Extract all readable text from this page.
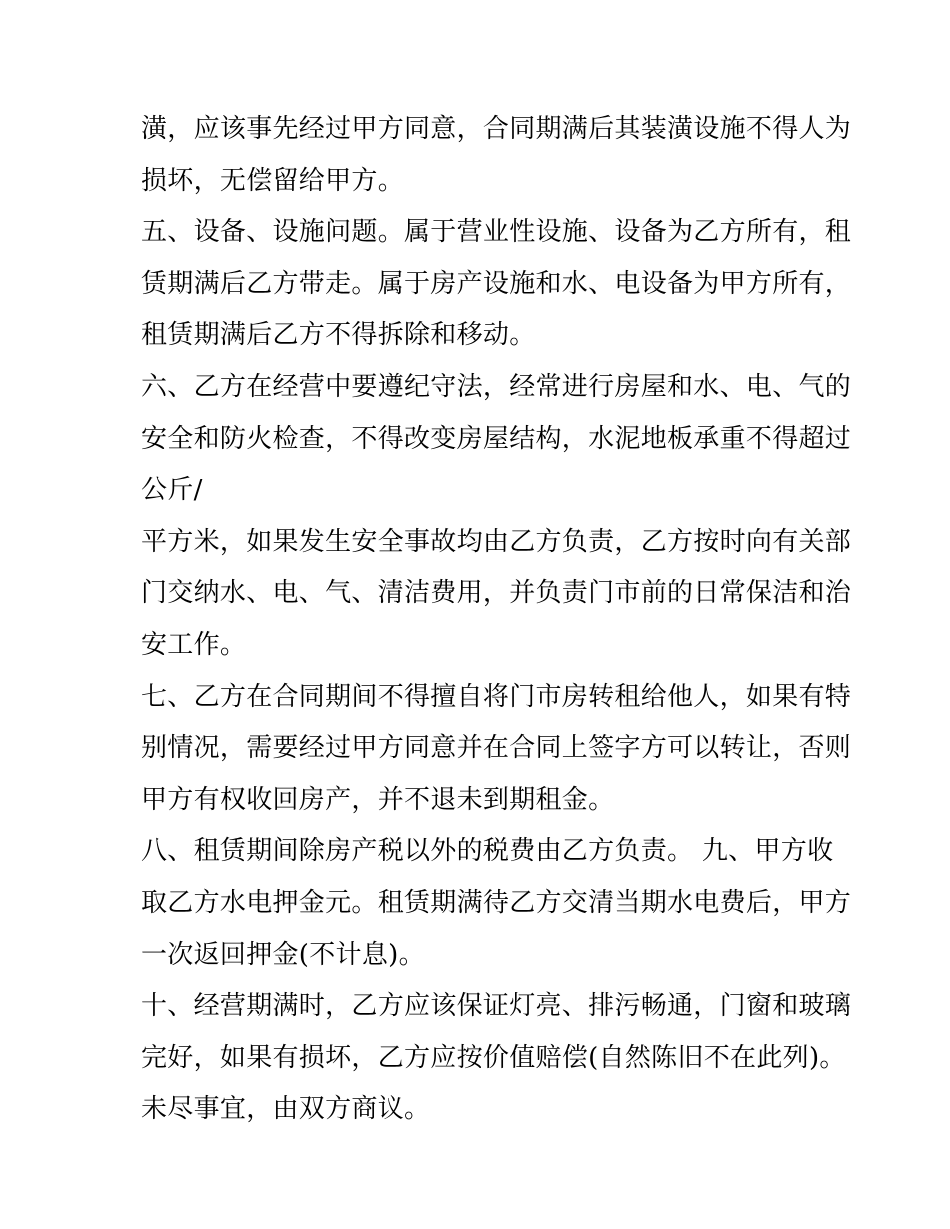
潢，应该事先经过甲方同意，合同期满后其装潢设施不得人为
损坏，无偿留给甲方。
五、设备、设施问题。属于营业性设施、设备为乙方所有，租
赁期满后乙方带走。属于房产设施和水、电设备为甲方所有，
租赁期满后乙方不得拆除和移动。
六、乙方在经营中要遵纪守法，经常进行房屋和水、电、气的
安全和防火检查，不得改变房屋结构，水泥地板承重不得超过
公斤/
平方米，如果发生安全事故均由乙方负责，乙方按时向有关部
门交纳水、电、气、清洁费用，并负责门市前的日常保洁和治
安工作。
七、乙方在合同期间不得擅自将门市房转租给他人，如果有特
别情况，需要经过甲方同意并在合同上签字方可以转让，否则
甲方有权收回房产，并不退未到期租金。
八、租赁期间除房产税以外的税费由乙方负责。 九、甲方收
取乙方水电押金元。租赁期满待乙方交清当期水电费后，甲方
一次返回押金(不计息)。
十、经营期满时，乙方应该保证灯亮、排污畅通，门窗和玻璃
完好，如果有损坏，乙方应按价值赔偿(自然陈旧不在此列)。
未尽事宜，由双方商议。
